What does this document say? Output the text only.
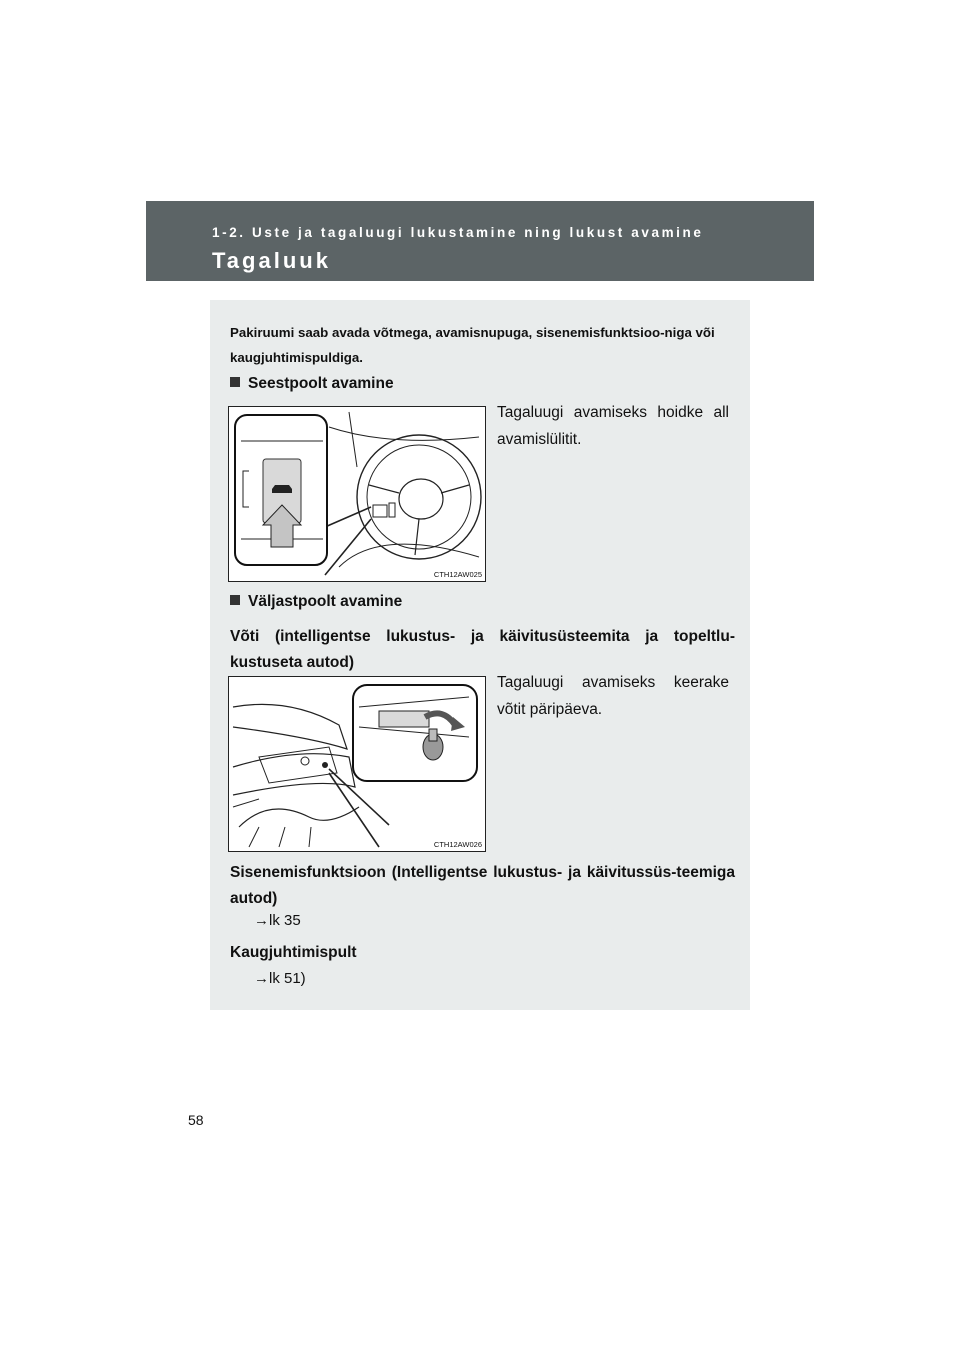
1-2. Uste ja tagaluugi lukustamine ning lukust avamine
Tagaluuk
Pakiruumi saab avada võtmega, avamisnupuga, sisenemisfunktsioo-niga või kaugjuhtimispuldiga.
Seestpoolt avamine
CTH12AW025
Tagaluugi avamiseks hoidke all avamislülitit.
Väljastpoolt avamine
Võti (intelligentse lukustus- ja käivitusüsteemita ja topeltlu-kustuseta autod)
CTH12AW026
Tagaluugi avamiseks keerake võtit päripäeva.
Sisenemisfunktsioon (Intelligentse lukustus- ja käivitussüs-teemiga autod)
→lk 35
Kaugjuhtimispult
→lk 51)
58
